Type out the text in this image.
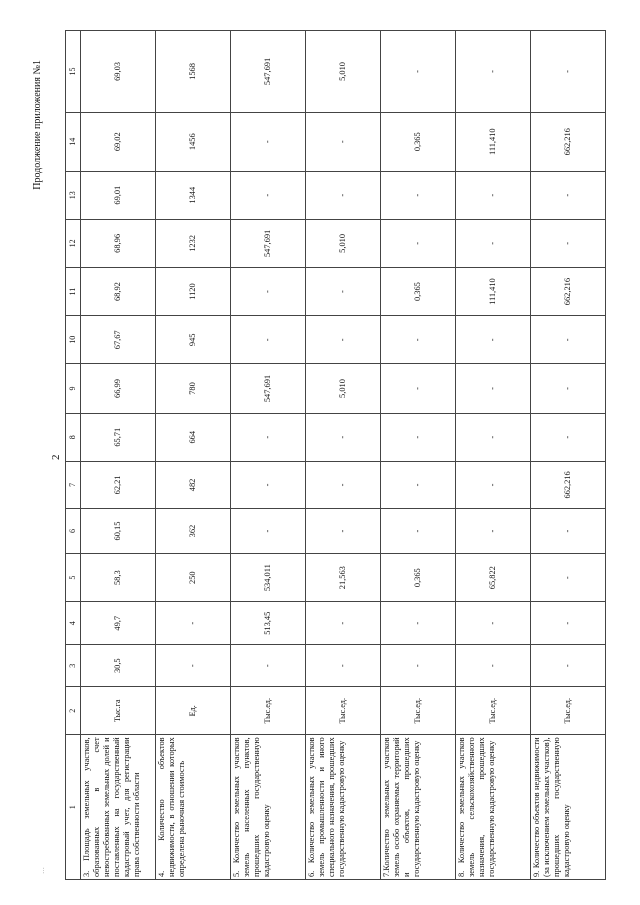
Продолжение приложения №1
2
…
1	2	3	4	5	6	7	8	9	10	11	12	13	14	15
3. Площадь земельных участков, образованных в счет невостребованных земельных долей и поставленных на государственный кадастровый учет, для регистрации права собственности области	Тыс.га	30,5	49,7	58,3	60,15	62,21	65,71	66,99	67,67	68,92	68,96	69,01	69,02	69,03
4. Количество объектов недвижимости, в отношении которых определена рыночная стоимость	Ед.	-	-	250	362	482	664	780	945	1120	1232	1344	1456	1568
5. Количество земельных участков земель населенных пунктов, прошедших государственную кадастровую оценку	Тыс.ед.	-	513,45	534,011	-	-	-	547,691	-	-	547,691	-	-	547,691
6. Количество земельных участков земель промышленности и иного специального назначения, прошедших государственную кадастровую оценку	Тыс.ед.	-	-	21,563	-	-	-	5,010	-	-	5,010	-	-	5,010
7.Количество земельных участков земель особо охраняемых территорий и объектов, прошедших государственную кадастровую оценку	Тыс.ед.	-	-	0,365	-	-	-	-	-	0,365	-	-	0,365	-
8. Количество земельных участков земель сельскохозяйственного назначения, прошедших государственную кадастровую оценку	Тыс.ед.	-	-	65,822	-	-	-	-	-	111,410	-	-	111,410	-
9. Количество объектов недвижимости (за исключением земельных участков), прошедших государственную кадастровую оценку	Тыс.ед.	-	-	-	-	662,216	-	-	-	662,216	-	-	662,216	-
